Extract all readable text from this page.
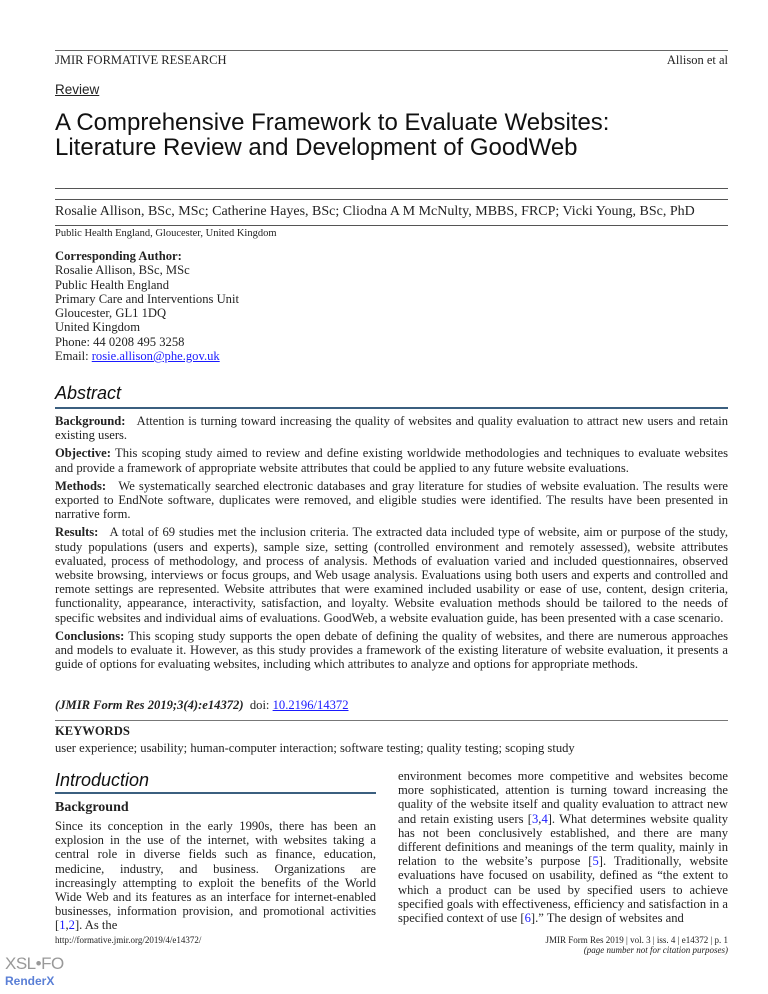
JMIR FORMATIVE RESEARCH	Allison et al
Review
A Comprehensive Framework to Evaluate Websites: Literature Review and Development of GoodWeb
Rosalie Allison, BSc, MSc; Catherine Hayes, BSc; Cliodna A M McNulty, MBBS, FRCP; Vicki Young, BSc, PhD
Public Health England, Gloucester, United Kingdom
Corresponding Author:
Rosalie Allison, BSc, MSc
Public Health England
Primary Care and Interventions Unit
Gloucester, GL1 1DQ
United Kingdom
Phone: 44 0208 495 3258
Email: rosie.allison@phe.gov.uk
Abstract

Background: Attention is turning toward increasing the quality of websites and quality evaluation to attract new users and retain existing users.

Objective: This scoping study aimed to review and define existing worldwide methodologies and techniques to evaluate websites and provide a framework of appropriate website attributes that could be applied to any future website evaluations.

Methods: We systematically searched electronic databases and gray literature for studies of website evaluation. The results were exported to EndNote software, duplicates were removed, and eligible studies were identified. The results have been presented in narrative form.

Results: A total of 69 studies met the inclusion criteria. The extracted data included type of website, aim or purpose of the study, study populations (users and experts), sample size, setting (controlled environment and remotely assessed), website attributes evaluated, process of methodology, and process of analysis. Methods of evaluation varied and included questionnaires, observed website browsing, interviews or focus groups, and Web usage analysis. Evaluations using both users and experts and controlled and remote settings are represented. Website attributes that were examined included usability or ease of use, content, design criteria, functionality, appearance, interactivity, satisfaction, and loyalty. Website evaluation methods should be tailored to the needs of specific websites and individual aims of evaluations. GoodWeb, a website evaluation guide, has been presented with a case scenario.

Conclusions: This scoping study supports the open debate of defining the quality of websites, and there are numerous approaches and models to evaluate it. However, as this study provides a framework of the existing literature of website evaluation, it presents a guide of options for evaluating websites, including which attributes to analyze and options for appropriate methods.

(JMIR Form Res 2019;3(4):e14372) doi: 10.2196/14372
KEYWORDS
user experience; usability; human-computer interaction; software testing; quality testing; scoping study
Introduction
Background
Since its conception in the early 1990s, there has been an explosion in the use of the internet, with websites taking a central role in diverse fields such as finance, education, medicine, industry, and business. Organizations are increasingly attempting to exploit the benefits of the World Wide Web and its features as an interface for internet-enabled businesses, information provision, and promotional activities [1,2]. As the
environment becomes more competitive and websites become more sophisticated, attention is turning toward increasing the quality of the website itself and quality evaluation to attract new and retain existing users [3,4]. What determines website quality has not been conclusively established, and there are many different definitions and meanings of the term quality, mainly in relation to the website’s purpose [5]. Traditionally, website evaluations have focused on usability, defined as “the extent to which a product can be used by specified users to achieve specified goals with effectiveness, efficiency and satisfaction in a specified context of use [6].” The design of websites and
http://formative.jmir.org/2019/4/e14372/	JMIR Form Res 2019 | vol. 3 | iss. 4 | e14372 | p. 1
(page number not for citation purposes)
XSL•FO
RenderX
